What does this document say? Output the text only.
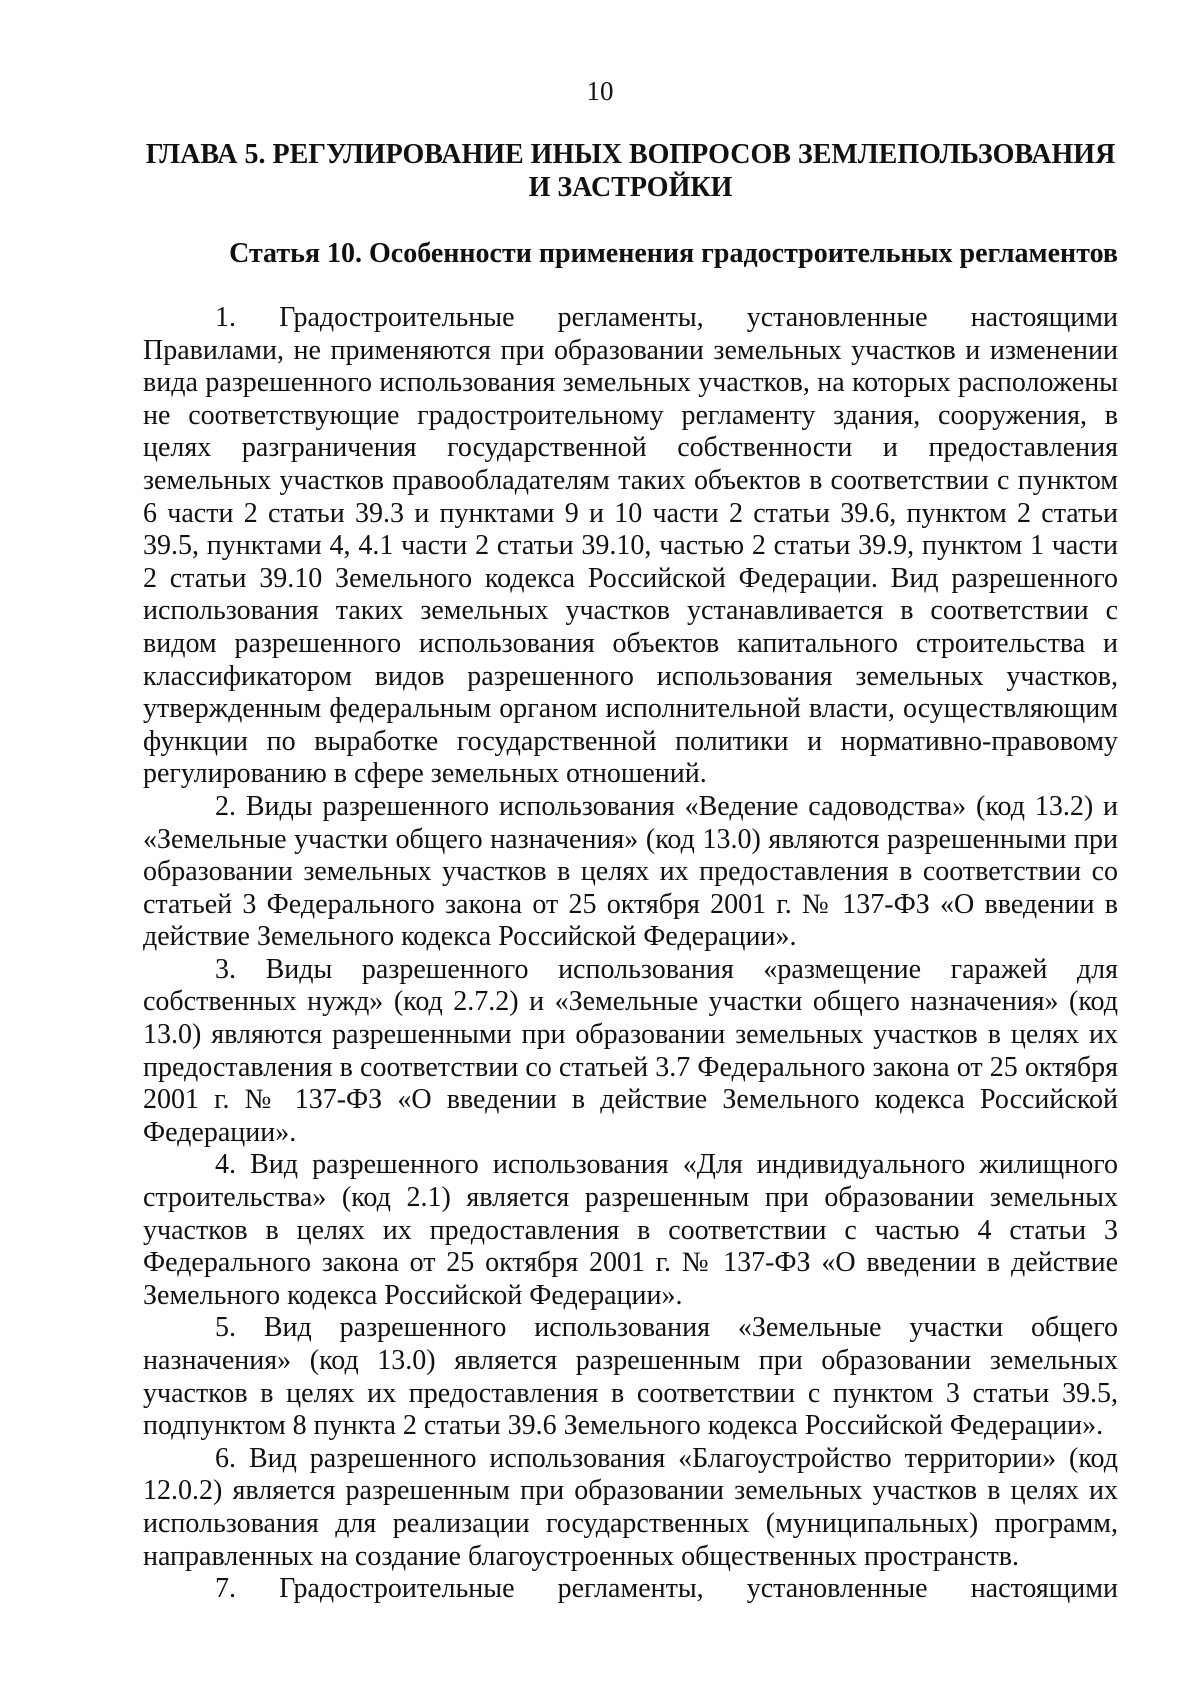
10
ГЛАВА 5. РЕГУЛИРОВАНИЕ ИНЫХ ВОПРОСОВ ЗЕМЛЕПОЛЬЗОВАНИЯ И ЗАСТРОЙКИ
Статья 10. Особенности применения градостроительных регламентов

1. Градостроительные регламенты, установленные настоящими Правилами, не применяются при образовании земельных участков и изменении вида разрешенного использования земельных участков, на которых расположены не соответствующие градостроительному регламенту здания, сооружения, в целях разграничения государственной собственности и предоставления земельных участков правообладателям таких объектов в соответствии с пунктом 6 части 2 статьи 39.3 и пунктами 9 и 10 части 2 статьи 39.6, пунктом 2 статьи 39.5, пунктами 4, 4.1 части 2 статьи 39.10, частью 2 статьи 39.9, пунктом 1 части 2 статьи 39.10 Земельного кодекса Российской Федерации. Вид разрешенного использования таких земельных участков устанавливается в соответствии с видом разрешенного использования объектов капитального строительства и классификатором видов разрешенного использования земельных участков, утвержденным федеральным органом исполнительной власти, осуществляющим функции по выработке государственной политики и нормативно-правовому регулированию в сфере земельных отношений.

2. Виды разрешенного использования «Ведение садоводства» (код 13.2) и «Земельные участки общего назначения» (код 13.0) являются разрешенными при образовании земельных участков в целях их предоставления в соответствии со статьей 3 Федерального закона от 25 октября 2001 г. № 137-ФЗ «О введении в действие Земельного кодекса Российской Федерации».

3. Виды разрешенного использования «размещение гаражей для собственных нужд» (код 2.7.2) и «Земельные участки общего назначения» (код 13.0) являются разрешенными при образовании земельных участков в целях их предоставления в соответствии со статьей 3.7 Федерального закона от 25 октября 2001 г. № 137-ФЗ «О введении в действие Земельного кодекса Российской Федерации».

4. Вид разрешенного использования «Для индивидуального жилищного строительства» (код 2.1) является разрешенным при образовании земельных участков в целях их предоставления в соответствии с частью 4 статьи 3 Федерального закона от 25 октября 2001 г. № 137-ФЗ «О введении в действие Земельного кодекса Российской Федерации».

5. Вид разрешенного использования «Земельные участки общего назначения» (код 13.0) является разрешенным при образовании земельных участков в целях их предоставления в соответствии с пунктом 3 статьи 39.5, подпунктом 8 пункта 2 статьи 39.6 Земельного кодекса Российской Федерации».

6. Вид разрешенного использования «Благоустройство территории» (код 12.0.2) является разрешенным при образовании земельных участков в целях их использования для реализации государственных (муниципальных) программ, направленных на создание благоустроенных общественных пространств.

7. Градостроительные регламенты, установленные настоящими
